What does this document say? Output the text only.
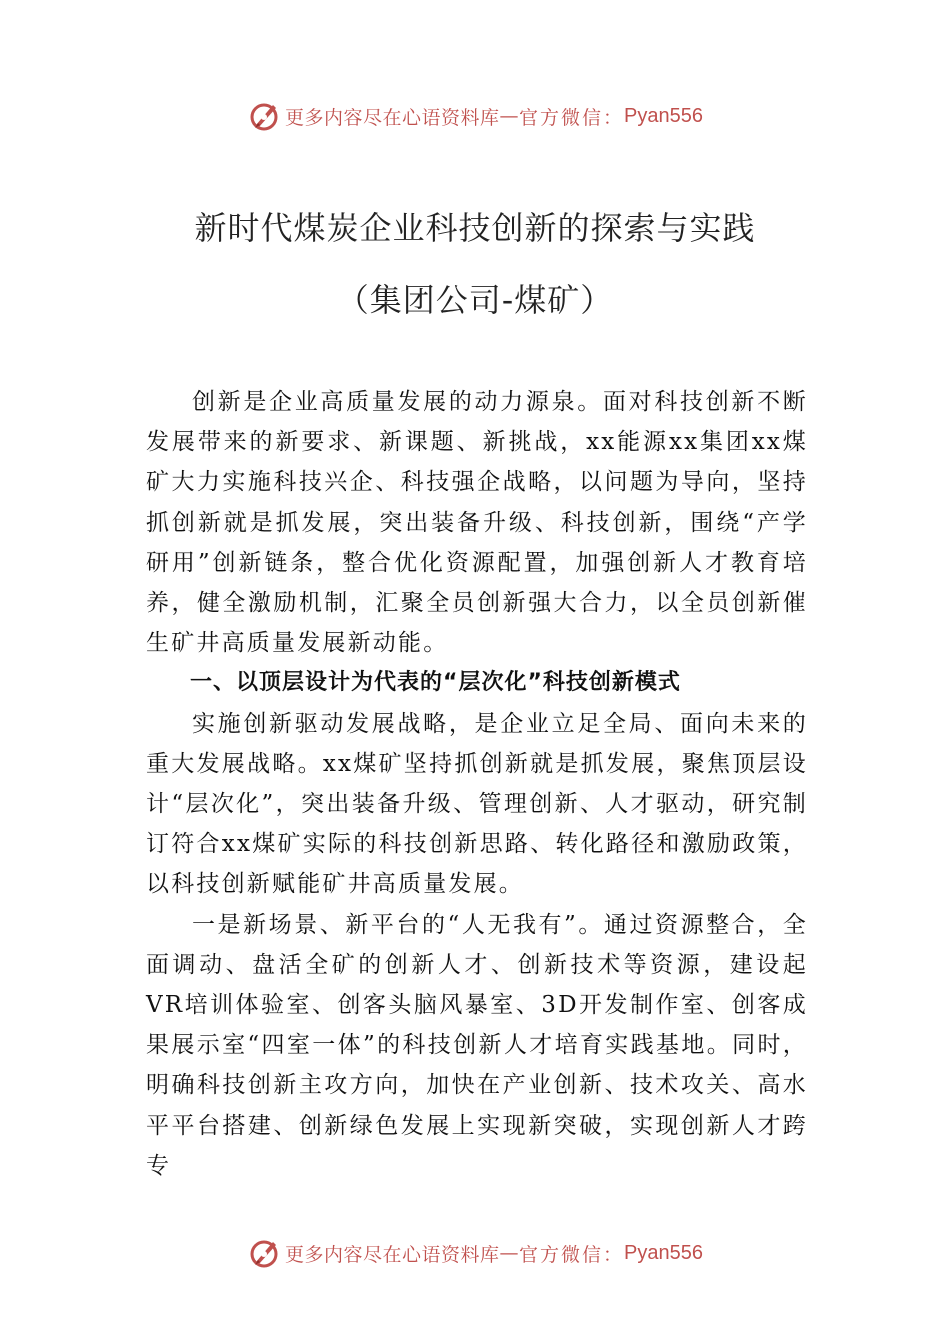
更多内容尽在心语资料库 — 官方微信： Pyan556
新时代煤炭企业科技创新的探索与实践
（集团公司-煤矿）

创新是企业高质量发展的动力源泉。面对科技创新不断发展带来的新要求、新课题、新挑战，xx能源xx集团xx煤矿大力实施科技兴企、科技强企战略，以问题为导向，坚持抓创新就是抓发展，突出装备升级、科技创新，围绕“产学研用”创新链条，整合优化资源配置，加强创新人才教育培养，健全激励机制，汇聚全员创新强大合力，以全员创新催生矿井高质量发展新动能。

一、以顶层设计为代表的“层次化”科技创新模式

实施创新驱动发展战略，是企业立足全局、面向未来的重大发展战略。xx煤矿坚持抓创新就是抓发展，聚焦顶层设计“层次化”，突出装备升级、管理创新、人才驱动，研究制订符合xx煤矿实际的科技创新思路、转化路径和激励政策，以科技创新赋能矿井高质量发展。

一是新场景、新平台的“人无我有”。通过资源整合，全面调动、盘活全矿的创新人才、创新技术等资源，建设起VR培训体验室、创客头脑风暴室、3D开发制作室、创客成果展示室“四室一体”的科技创新人才培育实践基地。同时，明确科技创新主攻方向，加快在产业创新、技术攻关、高水平平台搭建、创新绿色发展上实现新突破，实现创新人才跨专

更多内容尽在心语资料库 — 官方微信： Pyan556
